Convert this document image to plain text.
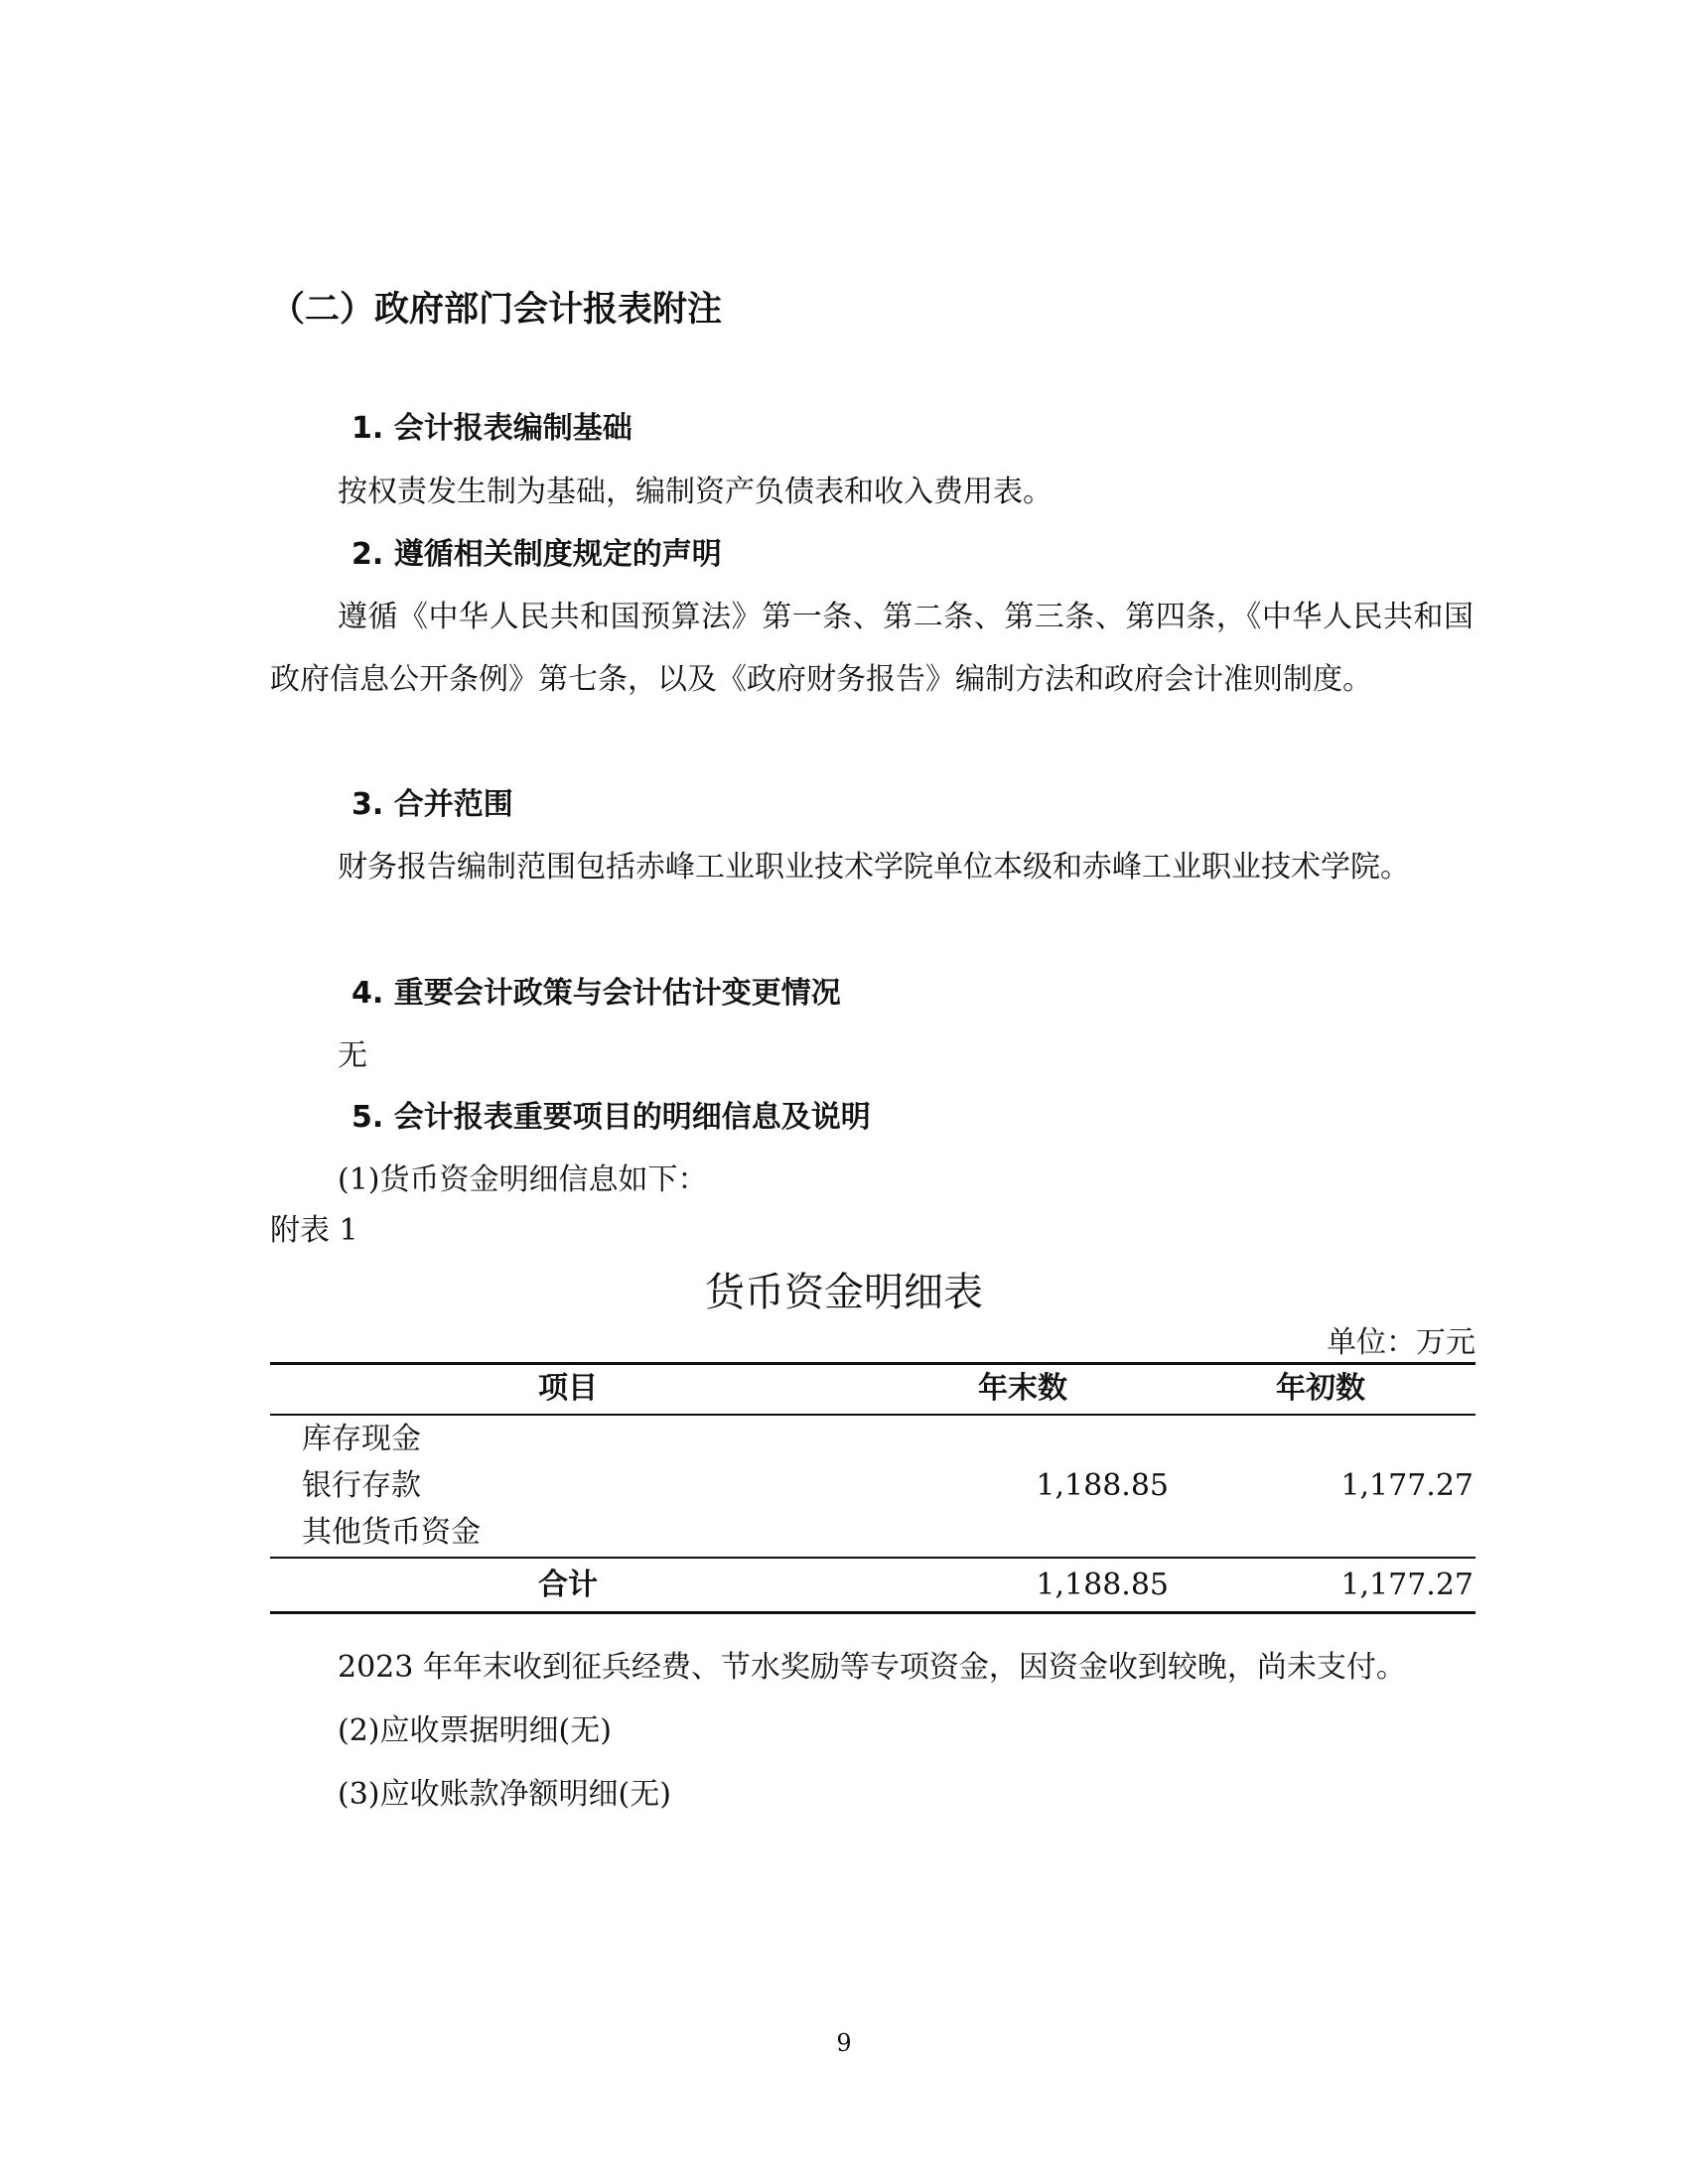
（二）政府部门会计报表附注
1. 会计报表编制基础

按权责发生制为基础，编制资产负债表和收入费用表。

2. 遵循相关制度规定的声明

遵循《中华人民共和国预算法》第一条、第二条、第三条、第四条，《中华人民共和国政府信息公开条例》第七条，以及《政府财务报告》编制方法和政府会计准则制度。

3. 合并范围

财务报告编制范围包括赤峰工业职业技术学院单位本级和赤峰工业职业技术学院。

4. 重要会计政策与会计估计变更情况

无

5. 会计报表重要项目的明细信息及说明

(1)货币资金明细信息如下：

附表 1
货币资金明细表
单位：万元
项目	年末数	年初数
库存现金
银行存款	1,188.85	1,177.27
其他货币资金
合计	1,188.85	1,177.27

2023 年年末收到征兵经费、节水奖励等专项资金，因资金收到较晚，尚未支付。

(2)应收票据明细(无)

(3)应收账款净额明细(无)

9
